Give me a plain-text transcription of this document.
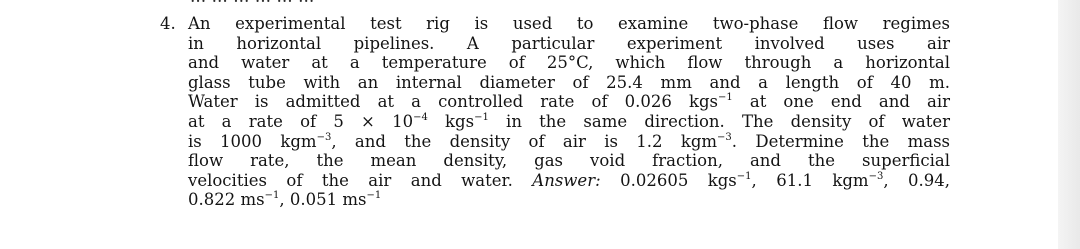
4. An experimental test rig is used to examine two-phase flow regimes
in horizontal pipelines. A particular experiment involved uses air
and water at a temperature of 25°C, which flow through a horizontal
glass tube with an internal diameter of 25.4 mm and a length of 40 m.
Water is admitted at a controlled rate of 0.026 kgs$^{-1}$ at one end and air
at a rate of $5 \times 10^{-4}$ kgs$^{-1}$ in the same direction. The density of water
is 1000 kgm$^{-3}$, and the density of air is 1.2 kgm$^{-3}$. Determine the mass
flow rate, the mean density, gas void fraction, and the superficial
velocities of the air and water. Answer: 0.02605 kgs$^{-1}$, 61.1 kgm$^{-3}$, 0.94,
0.822 $ms^{-1}$, 0.051 $ms^{-1}$
